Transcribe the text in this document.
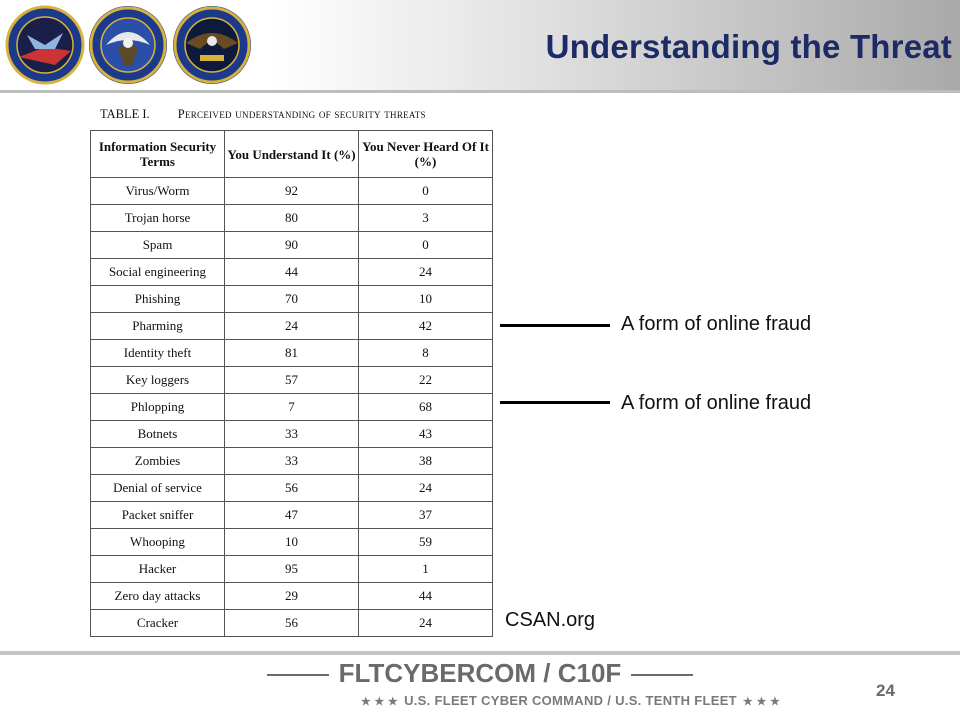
Understanding the Threat
TABLE I. Perceived understanding of security threats
Information Security Terms	You Understand It (%)	You Never Heard Of It (%)
Virus/Worm	92	0
Trojan horse	80	3
Spam	90	0
Social engineering	44	24
Phishing	70	10
Pharming	24	42
Identity theft	81	8
Key loggers	57	22
Phlopping	7	68
Botnets	33	43
Zombies	33	38
Denial of service	56	24
Packet sniffer	47	37
Whooping	10	59
Hacker	95	1
Zero day attacks	29	44
Cracker	56	24
A form of online fraud
A form of online fraud
CSAN.org
FLTCYBERCOM / C10F
★ ★ ★ U.S. FLEET CYBER COMMAND / U.S. TENTH FLEET ★ ★ ★
24
